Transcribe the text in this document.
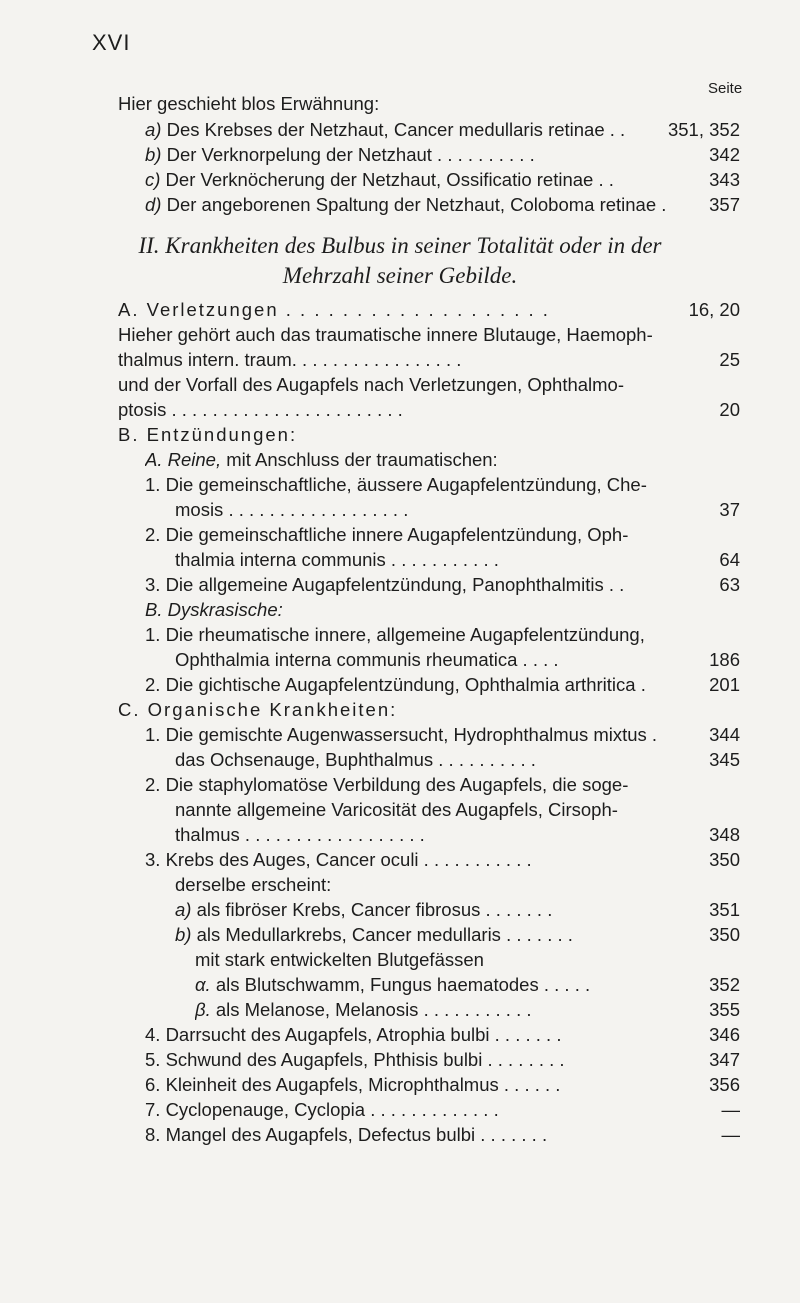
XVI
Seite
Hier geschieht blos Erwähnung:
a) Des Krebses der Netzhaut, Cancer medullaris retinae . . 351, 352
b) Der Verknorpelung der Netzhaut . . . . . . . . . .	342
c) Der Verknöcherung der Netzhaut, Ossificatio retinae . .	343
d) Der angeborenen Spaltung der Netzhaut, Coloboma retinae . 357
II. Krankheiten des Bulbus in seiner Totalität oder in der
Mehrzahl seiner Gebilde.
A. Verletzungen . . . . . . . . . . . . . . . . . . .	16, 20
Hieher gehört auch das traumatische innere Blutauge, Haemoph-
thalmus intern. traum. . . . . . . . . . . . . . . . .	25
und der Vorfall des Augapfels nach Verletzungen, Ophthalmo-
ptosis . . . . . . . . . . . . . . . . . . . . . . .	20
B. Entzündungen:
A. Reine, mit Anschluss der traumatischen:
1. Die gemeinschaftliche, äussere Augapfelentzündung, Che-
mosis . . . . . . . . . . . . . . . . . .	37
2. Die gemeinschaftliche innere Augapfelentzündung, Oph-
thalmia interna communis . . . . . . . . . . .	64
3. Die allgemeine Augapfelentzündung, Panophthalmitis . .	63
B. Dyskrasische:
1. Die rheumatische innere, allgemeine Augapfelentzündung,
Ophthalmia interna communis rheumatica . . . .	186
2. Die gichtische Augapfelentzündung, Ophthalmia arthritica .	201
C. Organische Krankheiten:
1. Die gemischte Augenwassersucht, Hydrophthalmus mixtus .	344
das Ochsenauge, Buphthalmus . . . . . . . . . .	345
2. Die staphylomatöse Verbildung des Augapfels, die soge-
nannte allgemeine Varicosität des Augapfels, Cirsoph-
thalmus . . . . . . . . . . . . . . . . . .	348
3. Krebs des Auges, Cancer oculi . . . . . . . . . . .	350
derselbe erscheint:
a) als fibröser Krebs, Cancer fibrosus . . . . . . .	351
b) als Medullarkrebs, Cancer medullaris . . . . . . .	350
mit stark entwickelten Blutgefässen
α. als Blutschwamm, Fungus haematodes . . . . .	352
β. als Melanose, Melanosis . . . . . . . . . . .	355
4. Darrsucht des Augapfels, Atrophia bulbi . . . . . . .	346
5. Schwund des Augapfels, Phthisis bulbi . . . . . . . .	347
6. Kleinheit des Augapfels, Microphthalmus . . . . . .	356
7. Cyclopenauge, Cyclopia . . . . . . . . . . . . .	—
8. Mangel des Augapfels, Defectus bulbi . . . . . . .	—
